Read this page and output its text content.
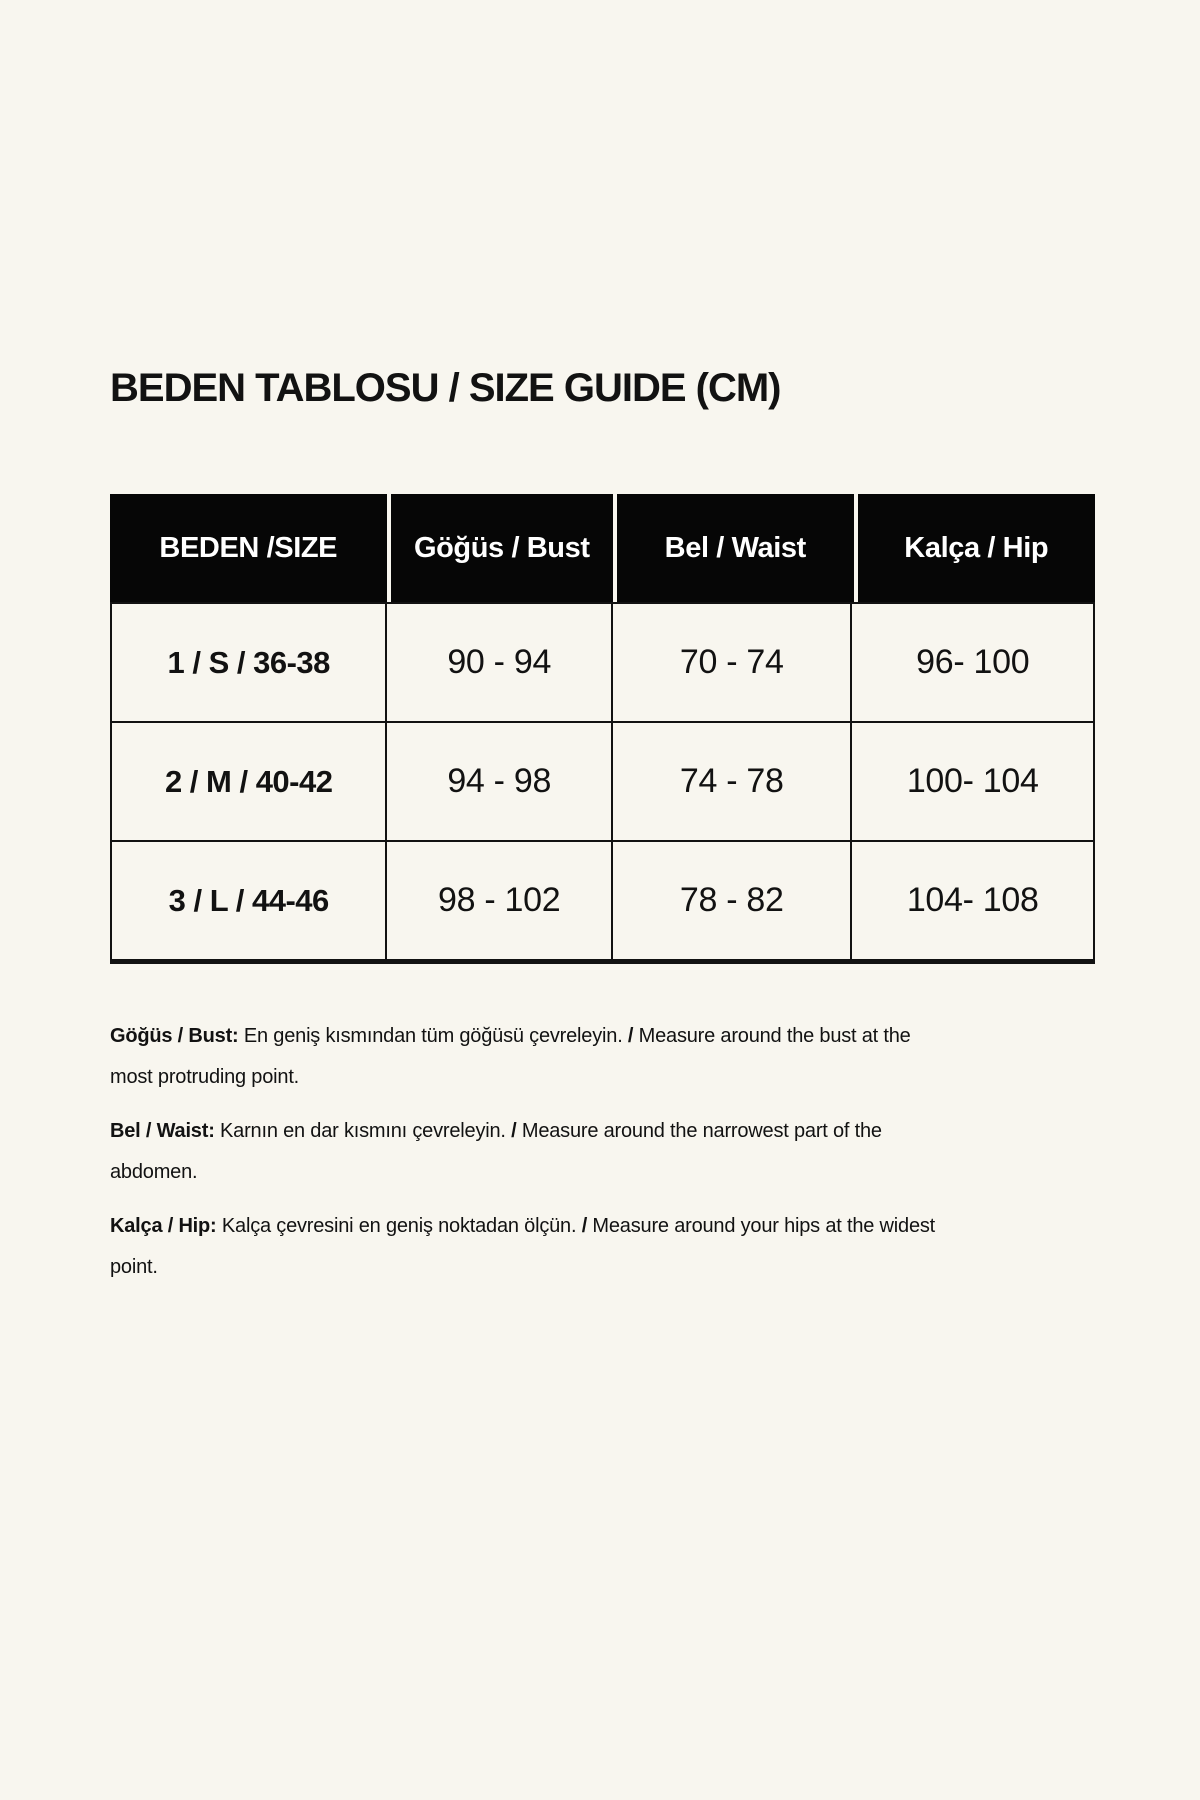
BEDEN TABLOSU / SIZE GUIDE (CM)
BEDEN /SIZE	Göğüs / Bust	Bel / Waist	Kalça / Hip
1 / S / 36-38	90 - 94	70 - 74	96- 100
2 / M / 40-42	94 - 98	74 - 78	100- 104
3 / L / 44-46	98 - 102	78 - 82	104- 108

Göğüs / Bust: En geniş kısmından tüm göğüsü çevreleyin. / Measure around the bust at the
most protruding point.

Bel / Waist: Karnın en dar kısmını çevreleyin. / Measure around the narrowest part of the
abdomen.

Kalça / Hip: Kalça çevresini en geniş noktadan ölçün. / Measure around your hips at the widest
point.
